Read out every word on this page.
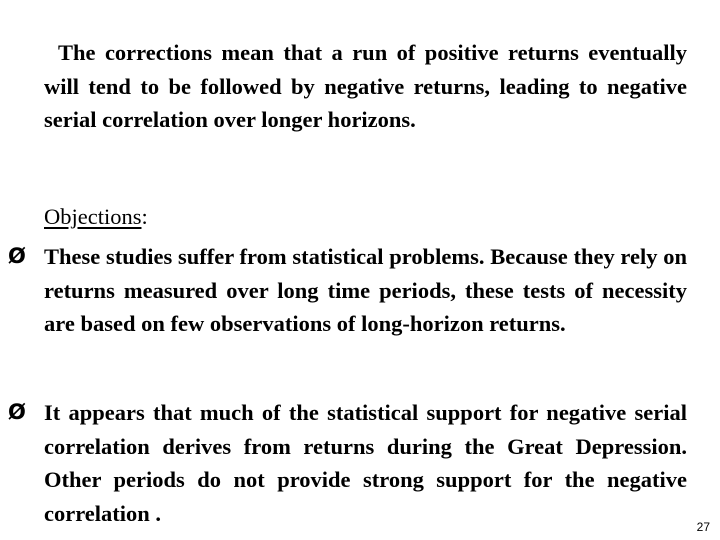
The corrections mean that a run of positive returns eventually will tend to be followed by negative returns, leading to negative serial correlation over longer horizons.

Objections:

Ø These studies suffer from statistical problems. Because they rely on returns measured over long time periods, these tests of necessity are based on few observations of long-horizon returns.

Ø It appears that much of the statistical support for negative serial correlation derives from returns during the Great Depression. Other periods do not provide strong support for the negative correlation .

27
